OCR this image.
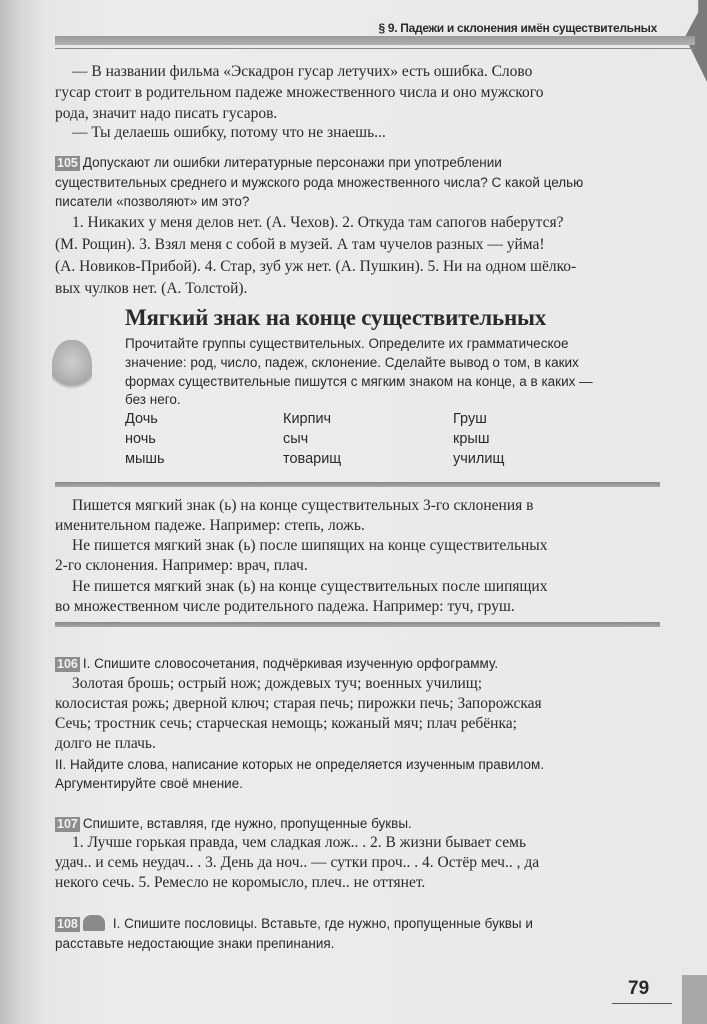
§ 9. Падежи и склонения имён существительных
— В названии фильма «Эскадрон гусар летучих» есть ошибка. Слово
гусар стоит в родительном падеже множественного числа и оно мужского
рода, значит надо писать гусаров.
— Ты делаешь ошибку, потому что не знаешь...
105 Допускают ли ошибки литературные персонажи при употреблении
существительных среднего и мужского рода множественного числа? С какой целью
писатели «позволяют» им это?
1. Никаких у меня делов нет. (А. Чехов). 2. Откуда там сапогов наберутся?
(М. Рощин). 3. Взял меня с собой в музей. А там чучелов разных — уйма!
(А. Новиков-Прибой). 4. Стар, зуб уж нет. (А. Пушкин). 5. Ни на одном шёлко-
вых чулков нет. (А. Толстой).
Мягкий знак на конце существительных
Прочитайте группы существительных. Определите их грамматическое
значение: род, число, падеж, склонение. Сделайте вывод о том, в каких
формах существительные пишутся с мягким знаком на конце, а в каких —
без него.
Дочь
ночь
мышь
Кирпич
сыч
товарищ
Груш
крыш
училищ
Пишется мягкий знак (ь) на конце существительных 3-го склонения в
именительном падеже. Например: степь, ложь.
Не пишется мягкий знак (ь) после шипящих на конце существительных
2-го склонения. Например: врач, плач.
Не пишется мягкий знак (ь) на конце существительных после шипящих
во множественном числе родительного падежа. Например: туч, груш.
106 I. Спишите словосочетания, подчёркивая изученную орфограмму.
Золотая брошь; острый нож; дождевых туч; военных училищ;
колосистая рожь; дверной ключ; старая печь; пирожки печь; Запорожская
Сечь; тростник сечь; старческая немощь; кожаный мяч; плач ребёнка;
долго не плачь.
II. Найдите слова, написание которых не определяется изученным правилом.
Аргументируйте своё мнение.
107 Спишите, вставляя, где нужно, пропущенные буквы.
1. Лучше горькая правда, чем сладкая лож.. . 2. В жизни бывает семь
удач.. и семь неудач.. . 3. День да ноч.. — сутки проч.. . 4. Остёр меч.. , да
некого сечь. 5. Ремесло не коромысло, плеч.. не оттянет.
108	I. Спишите пословицы. Вставьте, где нужно, пропущенные буквы и
расставьте недостающие знаки препинания.
79
